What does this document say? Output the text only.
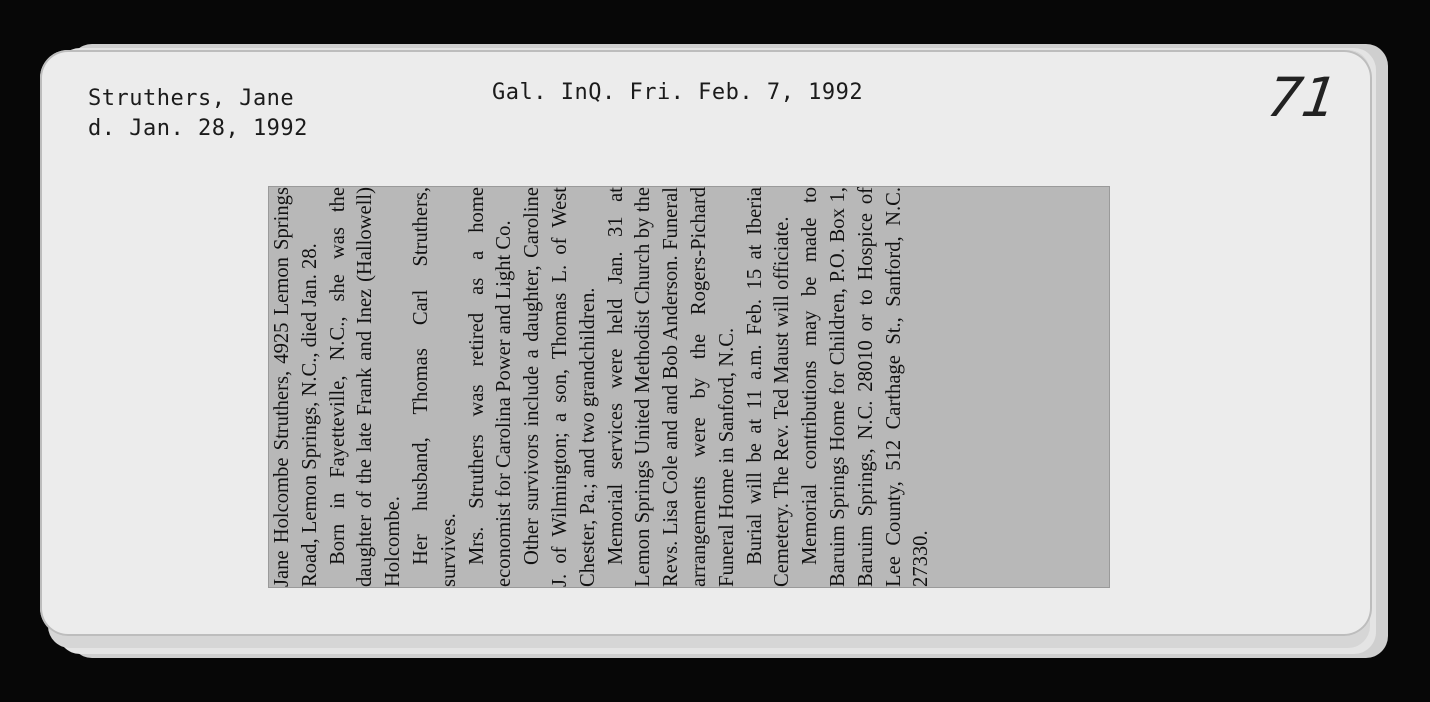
Struthers, Jane
d. Jan. 28, 1992
Gal. InQ. Fri. Feb. 7, 1992	71

Jane Holcombe Struthers, 4925 Lemon Springs Road, Lemon Springs, N.C., died Jan. 28. Born in Fayetteville, N.C., she was the daughter of the late Frank and Inez (Hallowell) Holcombe. Her husband, Thomas Carl Struthers, survives. Mrs. Struthers was retired as a home economist for Carolina Power and Light Co. Other survivors include a daughter, Caroline J. of Wilmington; a son, Thomas L. of West Chester, Pa.; and two grandchildren. Memorial services were held Jan. 31 at Lemon Springs United Methodist Church by the Revs. Lisa Cole and and Bob Anderson. Funeral arrangements were by the Rogers-Pichard Funeral Home in Sanford, N.C. Burial will be at 11 a.m. Feb. 15 at Iberia Cemetery. The Rev. Ted Maust will officiate. Memorial contributions may be made to Baruim Springs Home for Children, P.O. Box 1, Baruim Springs, N.C. 28010 or to Hospice of Lee County, 512 Carthage St., Sanford, N.C. 27330.
